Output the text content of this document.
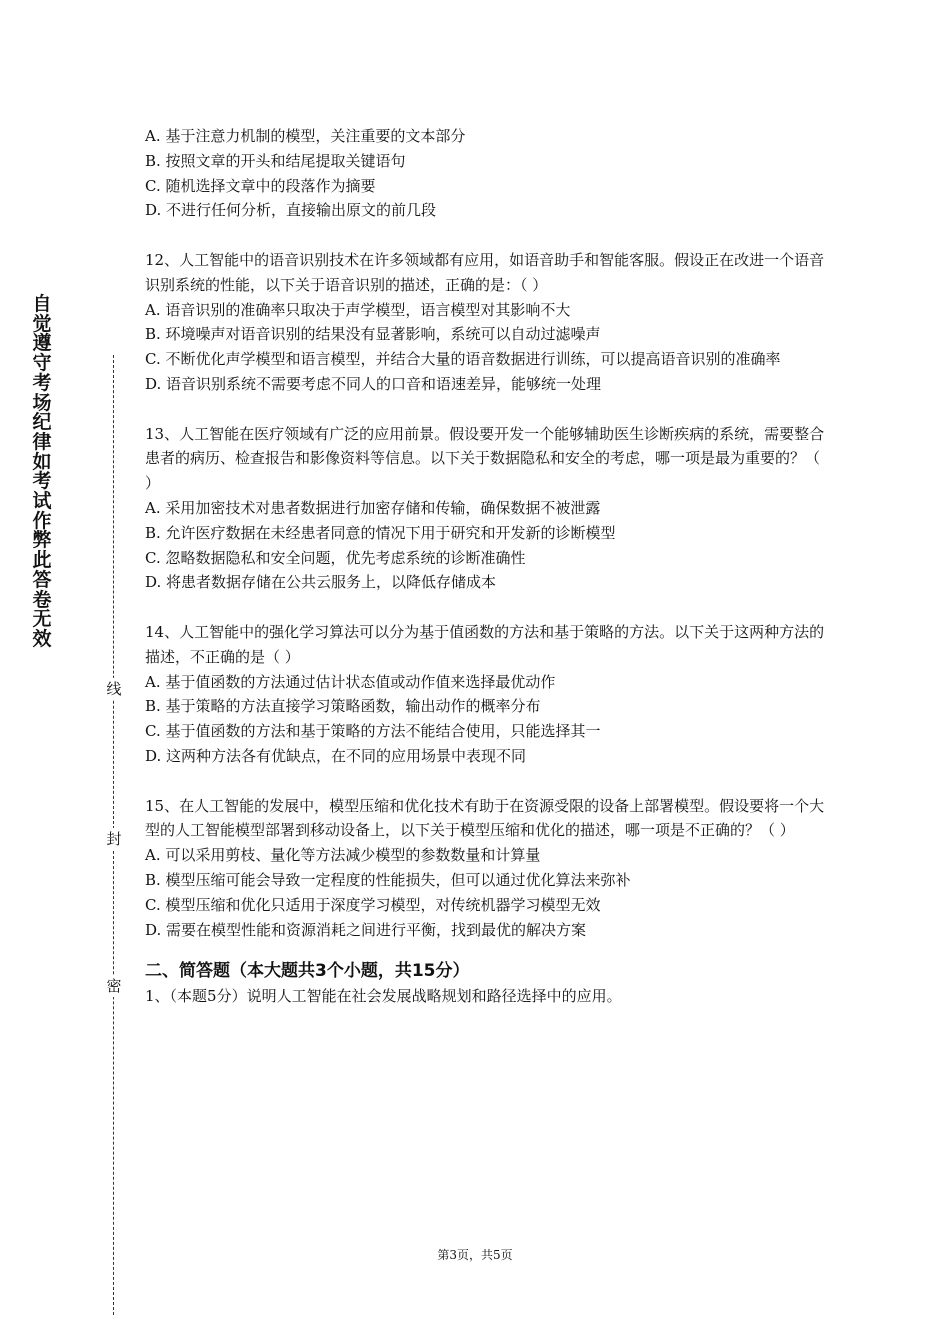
自觉遵守考场纪律如考试作弊此答卷无效
线
封
密
A. 基于注意力机制的模型，关注重要的文本部分
B. 按照文章的开头和结尾提取关键语句
C. 随机选择文章中的段落作为摘要
D. 不进行任何分析，直接输出原文的前几段

12、人工智能中的语音识别技术在许多领域都有应用，如语音助手和智能客服。假设正在改进一个语音识别系统的性能，以下关于语音识别的描述，正确的是：（ ）

A. 语音识别的准确率只取决于声学模型，语言模型对其影响不大
B. 环境噪声对语音识别的结果没有显著影响，系统可以自动过滤噪声
C. 不断优化声学模型和语言模型，并结合大量的语音数据进行训练，可以提高语音识别的准确率
D. 语音识别系统不需要考虑不同人的口音和语速差异，能够统一处理

13、人工智能在医疗领域有广泛的应用前景。假设要开发一个能够辅助医生诊断疾病的系统，需要整合患者的病历、检查报告和影像资料等信息。以下关于数据隐私和安全的考虑，哪一项是最为重要的？（ ）

A. 采用加密技术对患者数据进行加密存储和传输，确保数据不被泄露
B. 允许医疗数据在未经患者同意的情况下用于研究和开发新的诊断模型
C. 忽略数据隐私和安全问题，优先考虑系统的诊断准确性
D. 将患者数据存储在公共云服务上，以降低存储成本

14、人工智能中的强化学习算法可以分为基于值函数的方法和基于策略的方法。以下关于这两种方法的描述，不正确的是（ ）

A. 基于值函数的方法通过估计状态值或动作值来选择最优动作
B. 基于策略的方法直接学习策略函数，输出动作的概率分布
C. 基于值函数的方法和基于策略的方法不能结合使用，只能选择其一
D. 这两种方法各有优缺点，在不同的应用场景中表现不同

15、在人工智能的发展中，模型压缩和优化技术有助于在资源受限的设备上部署模型。假设要将一个大型的人工智能模型部署到移动设备上，以下关于模型压缩和优化的描述，哪一项是不正确的？（ ）

A. 可以采用剪枝、量化等方法减少模型的参数数量和计算量
B. 模型压缩可能会导致一定程度的性能损失，但可以通过优化算法来弥补
C. 模型压缩和优化只适用于深度学习模型，对传统机器学习模型无效
D. 需要在模型性能和资源消耗之间进行平衡，找到最优的解决方案
二、简答题（本大题共3个小题，共15分）

1、（本题5分）说明人工智能在社会发展战略规划和路径选择中的应用。

第3页，共5页
